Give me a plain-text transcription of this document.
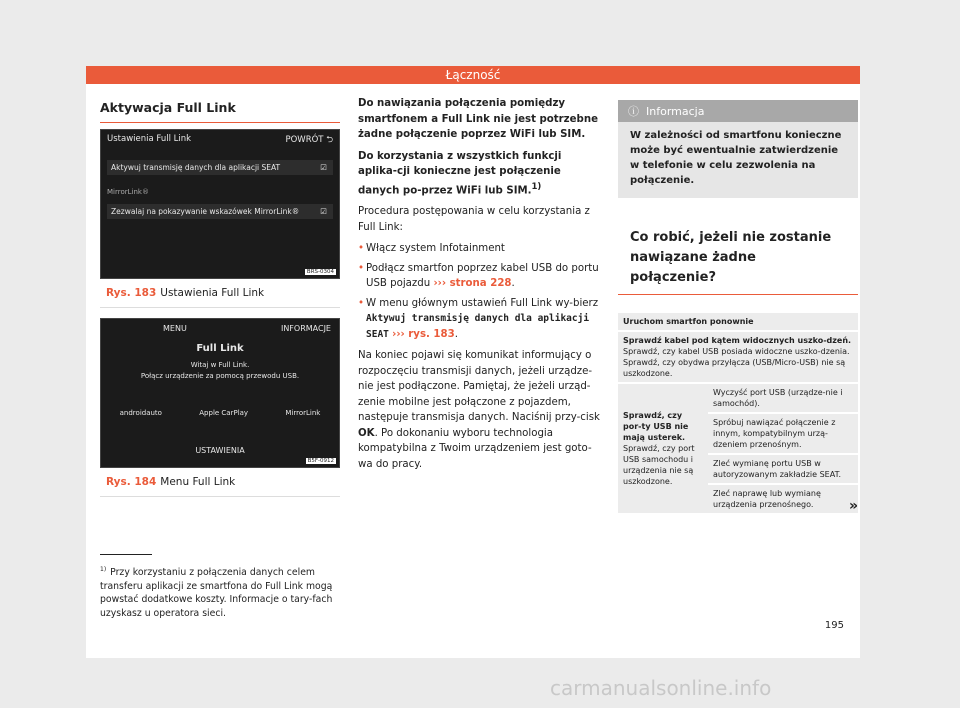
Łączność
Aktywacja Full Link
Ustawienia Full Link	POWRÓT ⮌
Aktywuj transmisję danych dla aplikacji SEAT	☑
MirrorLink®
Zezwalaj na pokazywanie wskazówek MirrorLink®	☑
BRS-0304
Rys. 183 Ustawienia Full Link
MENU	INFORMACJE
Full Link
Witaj w Full Link.
Połącz urządzenie za pomocą przewodu USB.
androidauto	Apple CarPlay	MirrorLink
USTAWIENIA
B5F-0912
Rys. 184 Menu Full Link

Do nawiązania połączenia pomiędzy smartfonem a Full Link nie jest potrzebne żadne połączenie poprzez WiFi lub SIM.

Do korzystania z wszystkich funkcji aplika-cji konieczne jest połączenie danych po-przez WiFi lub SIM.$^{1)}$

Procedura postępowania w celu korzystania z Full Link:

• Włącz system Infotainment
• Podłącz smartfon poprzez kabel USB do portu USB pojazdu ››› strona 228.
• W menu głównym ustawień Full Link wy-bierz Aktywuj transmisję danych dla aplikacji SEAT ››› rys. 183.

Na koniec pojawi się komunikat informujący o rozpoczęciu transmisji danych, jeżeli urządze-nie jest podłączone. Pamiętaj, że jeżeli urząd-zenie mobilne jest połączone z pojazdem, następuje transmisja danych. Naciśnij przy-cisk OK. Po dokonaniu wyboru technologia kompatybilna z Twoim urządzeniem jest goto-wa do pracy.

ⓘ Informacja
W zależności od smartfonu konieczne może być ewentualnie zatwierdzenie w telefonie w celu zezwolenia na połączenie.
Co robić, jeżeli nie zostanie nawiązane żadne połączenie?
Uruchom smartfon ponownie

Sprawdź kabel pod kątem widocznych uszko-dzeń.
Sprawdź, czy kabel USB posiada widoczne uszko-dzenia. Sprawdź, czy obydwa przyłącza (USB/Micro-USB) nie są uszkodzone.

Sprawdź, czy por-ty USB nie mają usterek.
Sprawdź, czy port USB samochodu i urządzenia nie są uszkodzone.
	Wyczyść port USB (urządze-nie i samochód).
Spróbuj nawiązać połączenie z innym, kompatybilnym urzą-dzeniem przenośnym.
Zleć wymianę portu USB w autoryzowanym zakładzie SEAT.
Zleć naprawę lub wymianę urządzenia przenośnego.	»
$^{1)}$ Przy korzystaniu z połączenia danych celem transferu aplikacji ze smartfona do Full Link mogą powstać dodatkowe koszty. Informacje o tary-fach uzyskasz u operatora sieci.
195
carmanualsonline.info
